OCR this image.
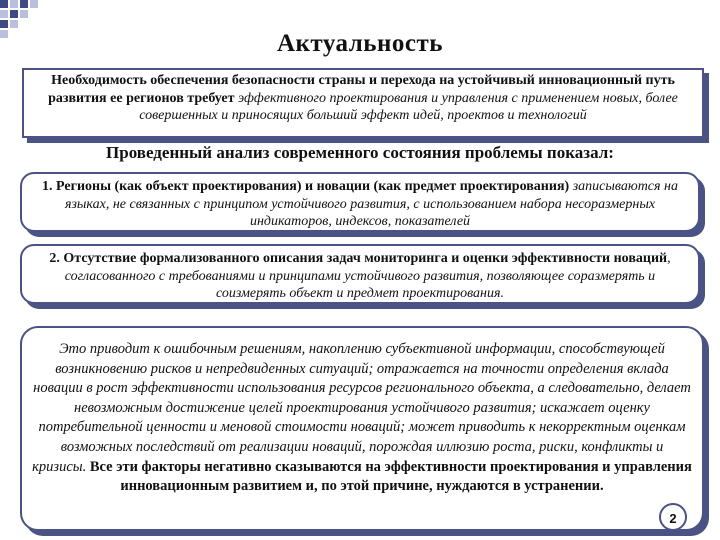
Актуальность
Необходимость обеспечения безопасности страны и перехода на устойчивый инновационный путь развития ее регионов требует эффективного проектирования и управления с применением новых, более совершенных и приносящих больший эффект идей, проектов и технологий
Проведенный анализ современного состояния проблемы показал:
1. Регионы (как объект проектирования) и новации (как предмет проектирования) записываются на языках, не связанных с принципом устойчивого развития, с использованием набора несоразмерных индикаторов, индексов, показателей
2. Отсутствие формализованного описания задач мониторинга и оценки эффективности новаций, согласованного с требованиями и принципами устойчивого развития, позволяющее соразмерять и соизмерять объект и предмет проектирования.
Это приводит к ошибочным решениям, накоплению субъективной информации, способствующей возникновению рисков и непредвиденных ситуаций; отражается на точности определения вклада новации в рост эффективности использования ресурсов регионального объекта, а следовательно, делает невозможным достижение целей проектирования устойчивого развития; искажает оценку потребительной ценности и меновой стоимости новаций; может приводить к некорректным оценкам возможных последствий от реализации новаций, порождая иллюзию роста, риски, конфликты и кризисы. Все эти факторы негативно сказываются на эффективности проектирования и управления инновационным развитием и, по этой причине, нуждаются в устранении.
2
